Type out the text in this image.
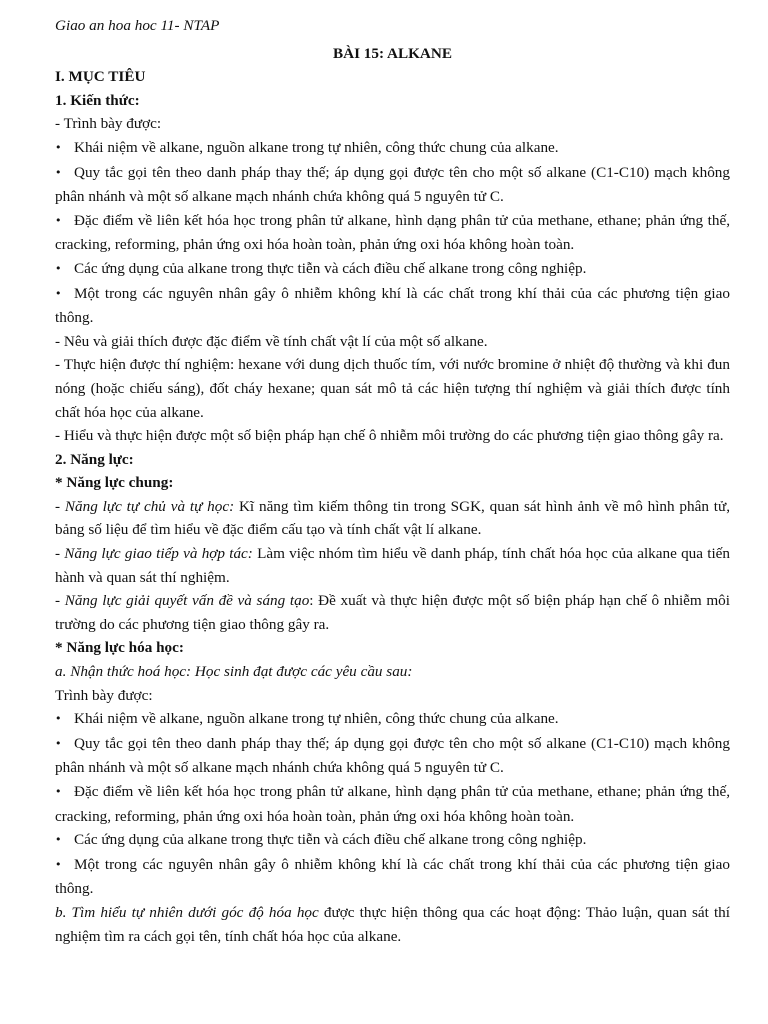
Giao an hoa hoc 11- NTAP
BÀI 15: ALKANE
I. MỤC TIÊU
1. Kiến thức:
- Trình bày được:
•Khái niệm về alkane, nguồn alkane trong tự nhiên, công thức chung của alkane.
•Quy tắc gọi tên theo danh pháp thay thế; áp dụng gọi được tên cho một số alkane (C1-C10) mạch không phân nhánh và một số alkane mạch nhánh chứa không quá 5 nguyên tử C.
•Đặc điểm về liên kết hóa học trong phân tử alkane, hình dạng phân tử của methane, ethane; phản ứng thế, cracking, reforming, phản ứng oxi hóa hoàn toàn, phản ứng oxi hóa không hoàn toàn.
•Các ứng dụng của alkane trong thực tiễn và cách điều chế alkane trong công nghiệp.
•Một trong các nguyên nhân gây ô nhiễm không khí là các chất trong khí thải của các phương tiện giao thông.
- Nêu và giải thích được đặc điểm về tính chất vật lí của một số alkane.
- Thực hiện được thí nghiệm: hexane với dung dịch thuốc tím, với nước bromine ở nhiệt độ thường và khi đun nóng (hoặc chiếu sáng), đốt cháy hexane; quan sát mô tả các hiện tượng thí nghiệm và giải thích được tính chất hóa học của alkane.
- Hiểu và thực hiện được một số biện pháp hạn chế ô nhiễm môi trường do các phương tiện giao thông gây ra.
2. Năng lực:
* Năng lực chung:
- Năng lực tự chủ và tự học: Kĩ năng tìm kiếm thông tin trong SGK, quan sát hình ảnh về mô hình phân tử, bảng số liệu để tìm hiểu về đặc điểm cấu tạo và tính chất vật lí alkane.
- Năng lực giao tiếp và hợp tác: Làm việc nhóm tìm hiểu về danh pháp, tính chất hóa học của alkane qua tiến hành và quan sát thí nghiệm.
- Năng lực giải quyết vấn đề và sáng tạo: Đề xuất và thực hiện được một số biện pháp hạn chế ô nhiễm môi trường do các phương tiện giao thông gây ra.
* Năng lực hóa học:
a. Nhận thức hoá học: Học sinh đạt được các yêu cầu sau:
Trình bày được:
•Khái niệm về alkane, nguồn alkane trong tự nhiên, công thức chung của alkane.
•Quy tắc gọi tên theo danh pháp thay thế; áp dụng gọi được tên cho một số alkane (C1-C10) mạch không phân nhánh và một số alkane mạch nhánh chứa không quá 5 nguyên tử C.
•Đặc điểm về liên kết hóa học trong phân tử alkane, hình dạng phân tử của methane, ethane; phản ứng thế, cracking, reforming, phản ứng oxi hóa hoàn toàn, phản ứng oxi hóa không hoàn toàn.
•Các ứng dụng của alkane trong thực tiễn và cách điều chế alkane trong công nghiệp.
•Một trong các nguyên nhân gây ô nhiễm không khí là các chất trong khí thải của các phương tiện giao thông.
b. Tìm hiểu tự nhiên dưới góc độ hóa học được thực hiện thông qua các hoạt động: Thảo luận, quan sát thí nghiệm tìm ra cách gọi tên, tính chất hóa học của alkane.
